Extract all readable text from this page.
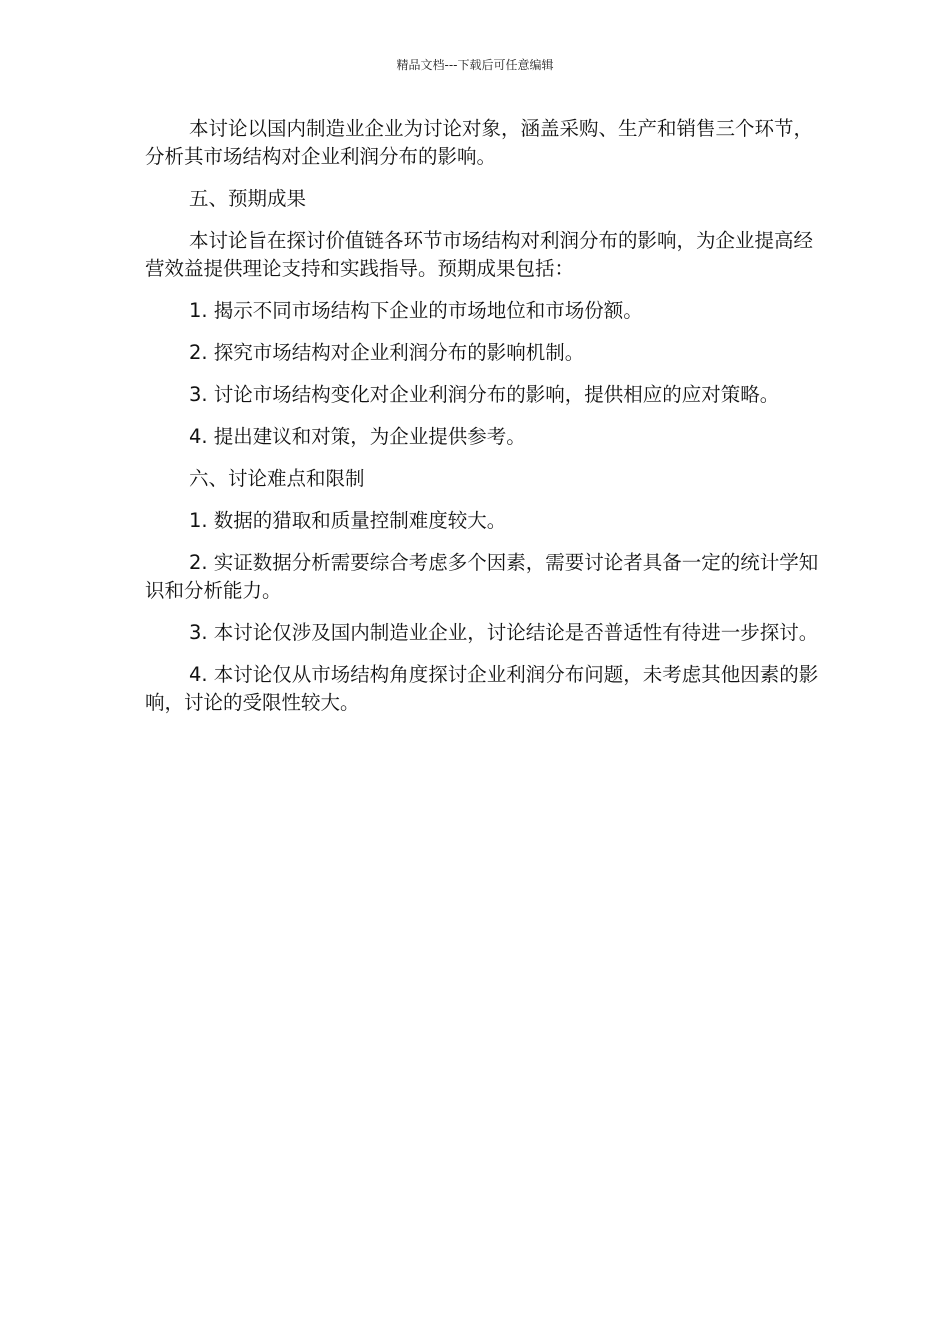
精品文档---下载后可任意编辑

本讨论以国内制造业企业为讨论对象，涵盖采购、生产和销售三个环节，分析其市场结构对企业利润分布的影响。

五、预期成果

本讨论旨在探讨价值链各环节市场结构对利润分布的影响，为企业提高经营效益提供理论支持和实践指导。预期成果包括：

1. 揭示不同市场结构下企业的市场地位和市场份额。

2. 探究市场结构对企业利润分布的影响机制。

3. 讨论市场结构变化对企业利润分布的影响，提供相应的应对策略。

4. 提出建议和对策，为企业提供参考。

六、讨论难点和限制

1. 数据的猎取和质量控制难度较大。

2. 实证数据分析需要综合考虑多个因素，需要讨论者具备一定的统计学知识和分析能力。

3. 本讨论仅涉及国内制造业企业，讨论结论是否普适性有待进一步探讨。

4. 本讨论仅从市场结构角度探讨企业利润分布问题，未考虑其他因素的影响，讨论的受限性较大。
